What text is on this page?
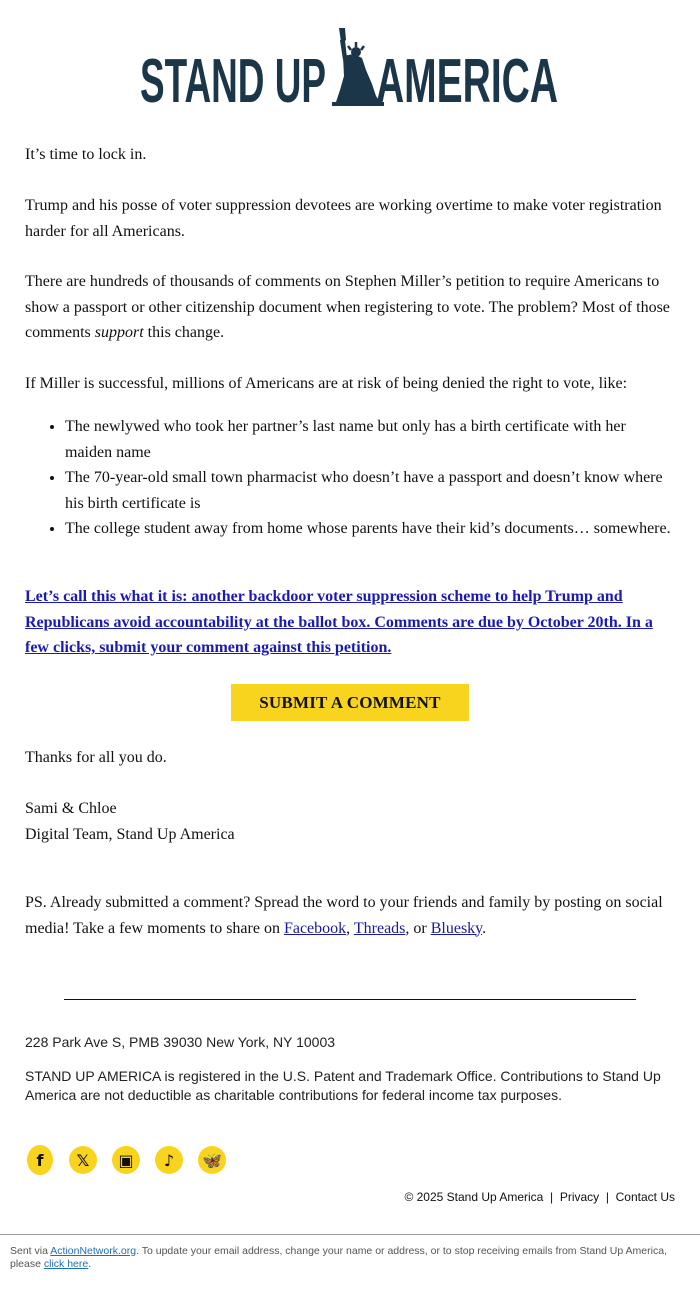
STAND UP AMERICA

It’s time to lock in.

Trump and his posse of voter suppression devotees are working overtime to make voter registration harder for all Americans.

There are hundreds of thousands of comments on Stephen Miller’s petition to require Americans to show a passport or other citizenship document when registering to vote. The problem? Most of those comments support this change.

If Miller is successful, millions of Americans are at risk of being denied the right to vote, like:

• The newlywed who took her partner’s last name but only has a birth certificate with her maiden name
• The 70-year-old small town pharmacist who doesn’t have a passport and doesn’t know where his birth certificate is
• The college student away from home whose parents have their kid’s documents… somewhere.

Let’s call this what it is: another backdoor voter suppression scheme to help Trump and Republicans avoid accountability at the ballot box. Comments are due by October 20th. In a few clicks, submit your comment against this petition.

SUBMIT A COMMENT

Thanks for all you do.

Sami & Chloe
Digital Team, Stand Up America

PS. Already submitted a comment? Spread the word to your friends and family by posting on social media! Take a few moments to share on Facebook, Threads, or Bluesky.

228 Park Ave S, PMB 39030 New York, NY 10003
STAND UP AMERICA is registered in the U.S. Patent and Trademark Office. Contributions to Stand Up America are not deductible as charitable contributions for federal income tax purposes.
f 𝕏 ▣ ♪ 🦋
© 2025 Stand Up America | Privacy | Contact Us
Sent via ActionNetwork.org. To update your email address, change your name or address, or to stop receiving emails from Stand Up America, please click here.
